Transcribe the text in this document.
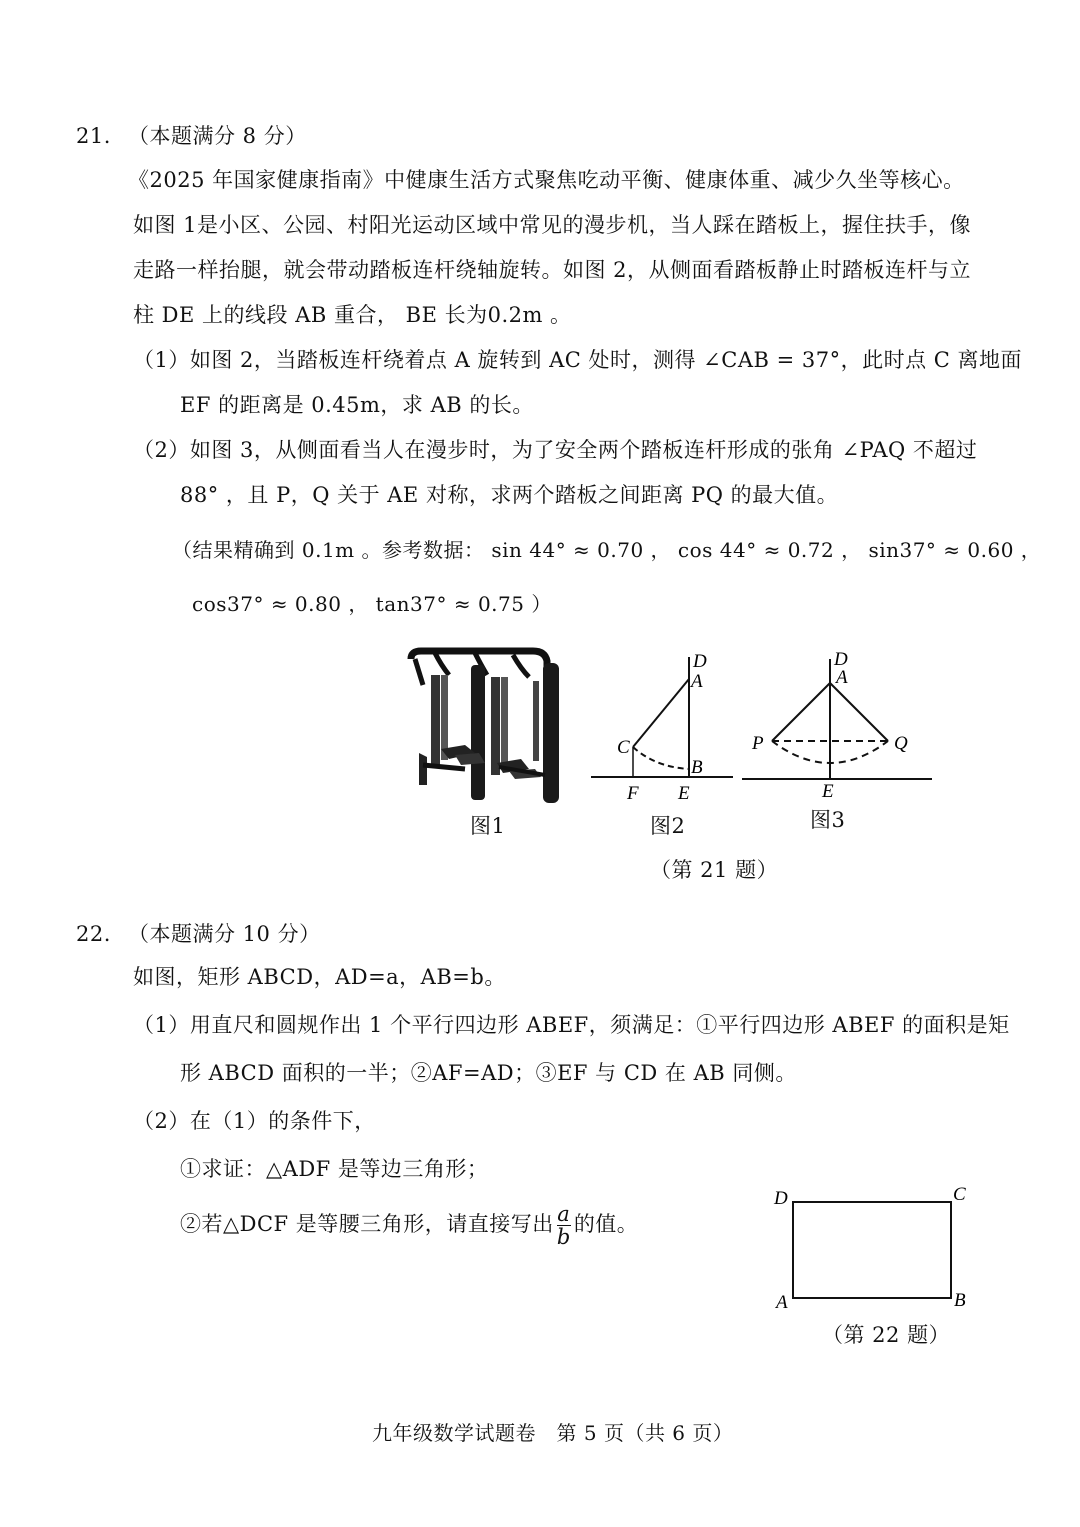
21. （本题满分 8 分）
《2025 年国家健康指南》中健康生活方式聚焦吃动平衡、健康体重、减少久坐等核心。
如图 1是小区、公园、村阳光运动区域中常见的漫步机，当人踩在踏板上，握住扶手，像
走路一样抬腿，就会带动踏板连杆绕轴旋转。如图 2，从侧面看踏板静止时踏板连杆与立
柱 DE 上的线段 AB 重合， BE 长为0.2m 。
（1）如图 2，当踏板连杆绕着点 A 旋转到 AC 处时，测得 ∠CAB = 37°，此时点 C 离地面
EF 的距离是 0.45m，求 AB 的长。
（2）如图 3，从侧面看当人在漫步时，为了安全两个踏板连杆形成的张角 ∠PAQ 不超过
88° ，且 P，Q 关于 AE 对称，求两个踏板之间距离 PQ 的最大值。
（结果精确到 0.1m 。参考数据： sin 44° ≈ 0.70 ， cos 44° ≈ 0.72 ， sin37° ≈ 0.60 ，
cos37° ≈ 0.80 ， tan37° ≈ 0.75 ）
图1
D
A
C
B
F E
图2
D
A
P	Q
E
图3
（第 21 题）
22. （本题满分 10 分）
如图，矩形 ABCD，AD=a，AB=b。
（1）用直尺和圆规作出 1 个平行四边形 ABEF，须满足：①平行四边形 ABEF 的面积是矩
形 ABCD 面积的一半；②AF=AD；③EF 与 CD 在 AB 同侧。
（2）在（1）的条件下，
①求证：△ADF 是等边三角形；
②若△DCF 是等腰三角形，请直接写出 $\frac{a}{b}$ 的值。
D	C
A	B
（第 22 题）
九年级数学试题卷　第 5 页（共 6 页）
